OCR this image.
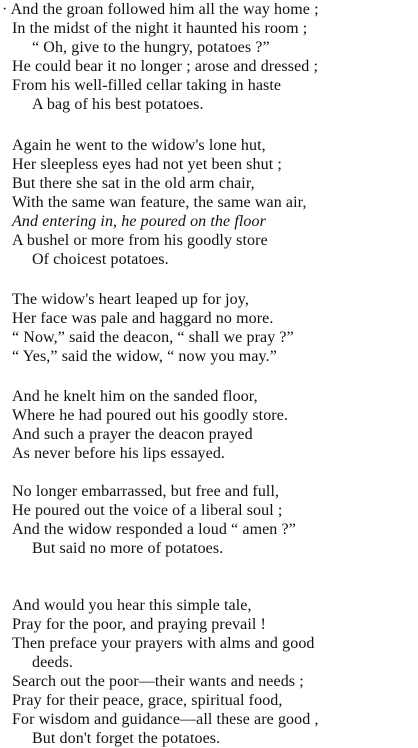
· And the groan followed him all the way home ;
In the midst of the night it haunted his room ;
“ Oh, give to the hungry, potatoes ?”
He could bear it no longer ; arose and dressed ;
From his well-filled cellar taking in haste
A bag of his best potatoes.
Again he went to the widow's lone hut,
Her sleepless eyes had not yet been shut ;
But there she sat in the old arm chair,
With the same wan feature, the same wan air,
And entering in, he poured on the floor
A bushel or more from his goodly store
Of choicest potatoes.
The widow's heart leaped up for joy,
Her face was pale and haggard no more.
“ Now,” said the deacon, “ shall we pray ?”
“ Yes,” said the widow, “ now you may.”
And he knelt him on the sanded floor,
Where he had poured out his goodly store.
And such a prayer the deacon prayed
As never before his lips essayed.
No longer embarrassed, but free and full,
He poured out the voice of a liberal soul ;
And the widow responded a loud “ amen ?”
But said no more of potatoes.
And would you hear this simple tale,
Pray for the poor, and praying prevail !
Then preface your prayers with alms and good
deeds.
Search out the poor—their wants and needs ;
Pray for their peace, grace, spiritual food,
For wisdom and guidance—all these are good ,
But don't forget the potatoes.
